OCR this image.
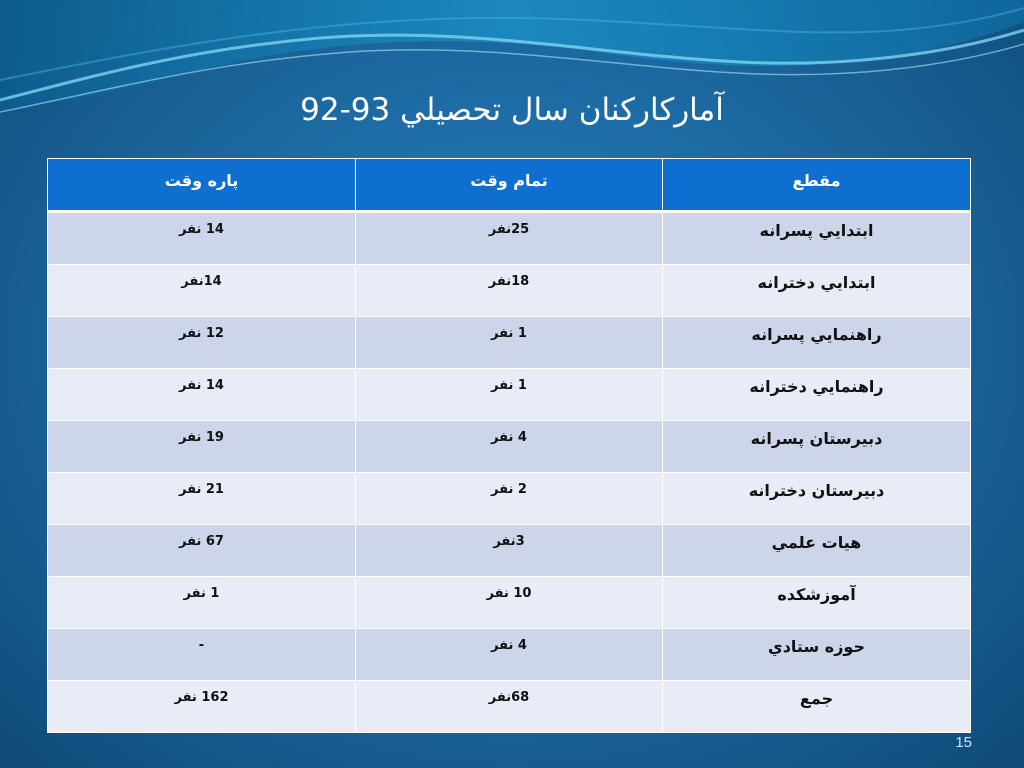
آمارکارکنان سال تحصيلي 93-92
مقطع	تمام وقت	پاره وقت
ابتدايي پسرانه	25نفر	14 نفر
ابتدايي دخترانه	18نفر	14نفر
راهنمايي پسرانه	1 نفر	12 نفر
راهنمايي دخترانه	1 نفر	14 نفر
دبيرستان پسرانه	4 نفر	19 نفر
دبيرستان دخترانه	2 نفر	21 نفر
هيات علمي	3نفر	67 نفر
آموزشكده	10 نفر	1 نفر
حوزه ستادي	4 نفر	-
جمع	68نفر	162 نفر
15
